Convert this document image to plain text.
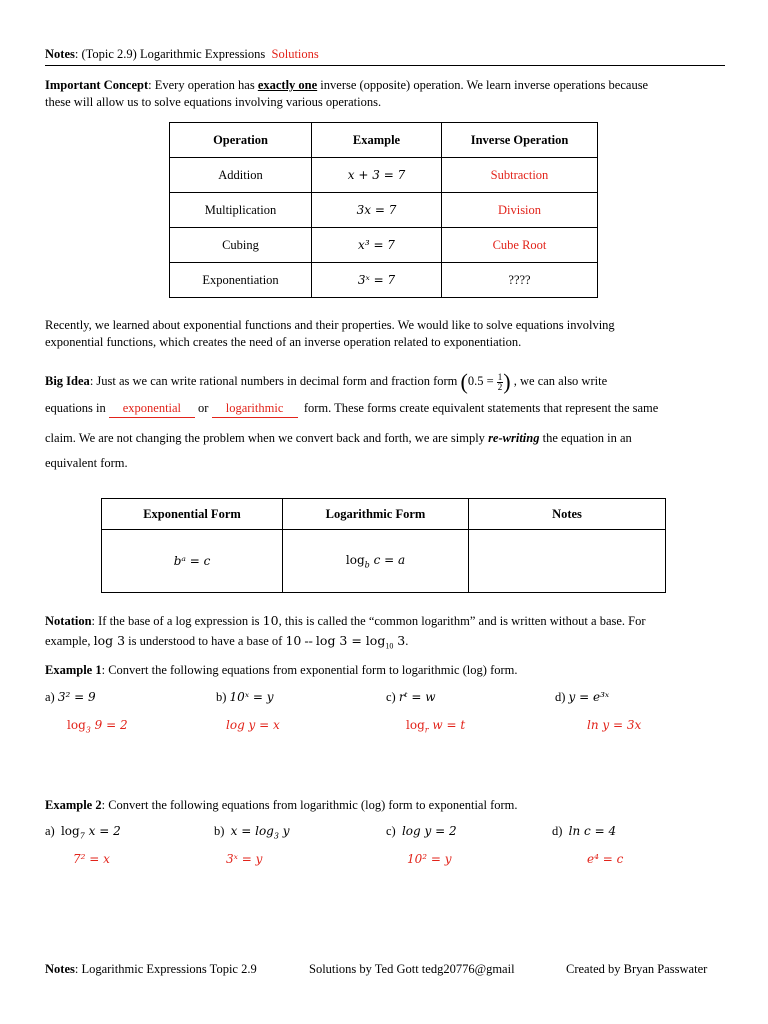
Notes: (Topic 2.9) Logarithmic Expressions Solutions
Important Concept: Every operation has exactly one inverse (opposite) operation. We learn inverse operations because
these will allow us to solve equations involving various operations.
Operation	Example	Inverse Operation
Addition	x + 3 = 7	Subtraction
Multiplication	3x = 7	Division
Cubing	x³ = 7	Cube Root
Exponentiation	3ˣ = 7	????
Recently, we learned about exponential functions and their properties. We would like to solve equations involving
exponential functions, which creates the need of an inverse operation related to exponentiation.
Big Idea: Just as we can write rational numbers in decimal form and fraction form ($0.5 = \frac{1}{2}$ ) , we can also write
equations in exponential or logarithmic form. These forms create equivalent statements that represent the same
claim. We are not changing the problem when we convert back and forth, we are simply re-writing the equation in an
equivalent form.
Exponential Form	Logarithmic Form	Notes
bᵃ = c	$\log_b c = a$	
Notation: If the base of a log expression is 10, this is called the “common logarithm” and is written without a base. For
example, log 3 is understood to have a base of $10 -- \log 3 = \log_{10} 3$.
Example 1: Convert the following equations from exponential form to logarithmic (log) form.
a) 3² = 9
$\log_3 9 = 2$
b) 10ˣ = y
log y = x
c) rᵗ = w
$\log_r w = t$
d) y = e³ˣ
ln y = 3x
Example 2: Convert the following equations from logarithmic (log) form to exponential form.
a) $\log_7 x = 2$
7² = x
b) $x = \log_3 y$
3ˣ = y
c) log y = 2
10² = y
d) ln c = 4
e⁴ = c
Notes: Logarithmic Expressions Topic 2.9	Solutions by Ted Gott tedg20776@gmail	Created by Bryan Passwater
